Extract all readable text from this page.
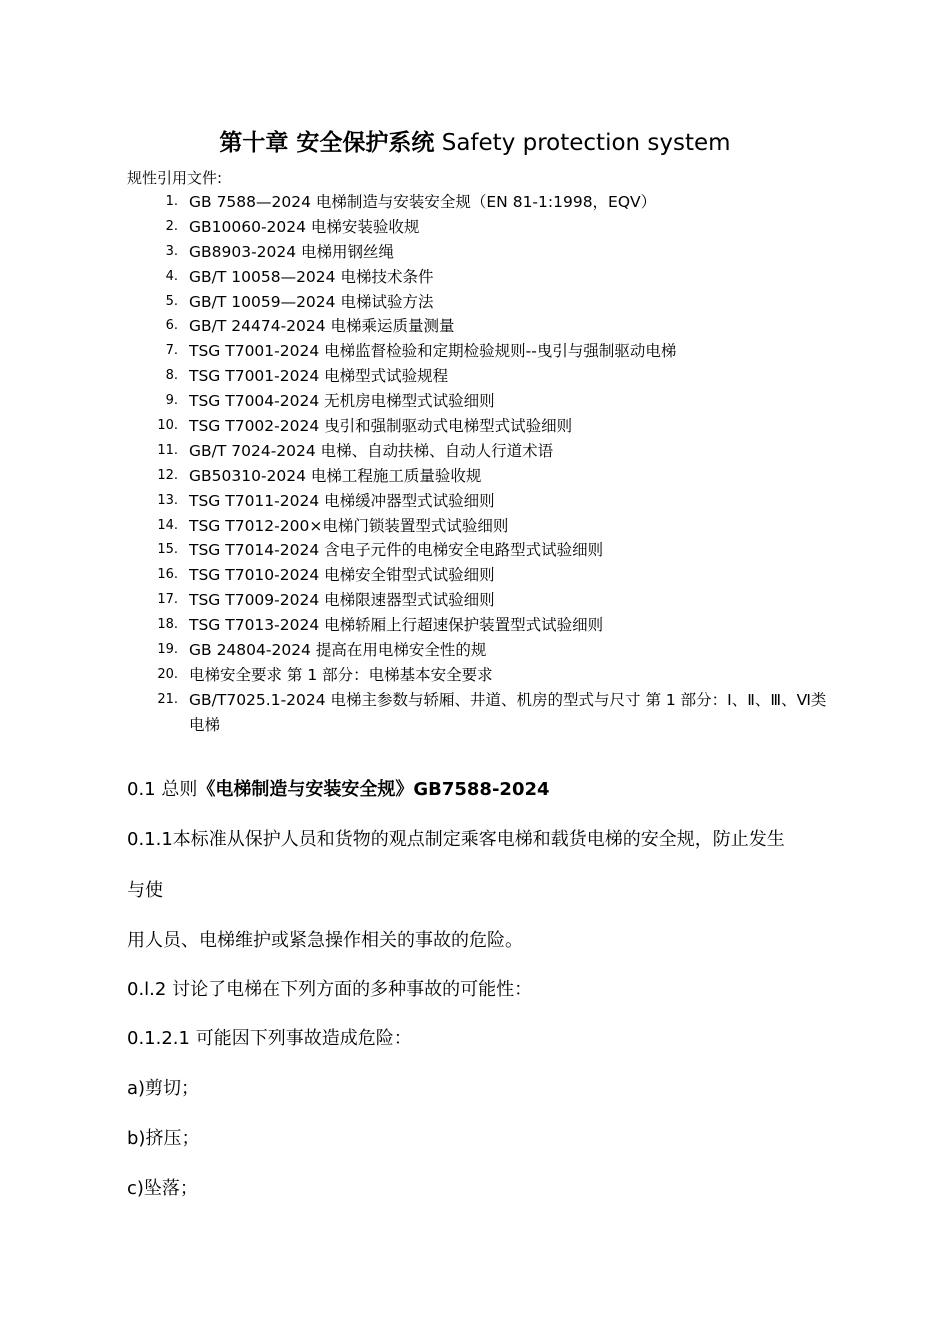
第十章 安全保护系统 Safety protection system
规性引用文件:
1. GB 7588—2024 电梯制造与安装安全规（EN 81-1:1998，EQV）
2. GB10060-2024 电梯安装验收规
3. GB8903-2024 电梯用钢丝绳
4. GB/T 10058—2024 电梯技术条件
5. GB/T 10059—2024 电梯试验方法
6. GB/T 24474-2024 电梯乘运质量测量
7. TSG T7001-2024 电梯监督检验和定期检验规则--曳引与强制驱动电梯
8. TSG T7001-2024 电梯型式试验规程
9. TSG T7004-2024 无机房电梯型式试验细则
10. TSG T7002-2024 曳引和强制驱动式电梯型式试验细则
11. GB/T 7024-2024 电梯、自动扶梯、自动人行道术语
12. GB50310-2024 电梯工程施工质量验收规
13. TSG T7011-2024 电梯缓冲器型式试验细则
14. TSG T7012-200×电梯门锁装置型式试验细则
15. TSG T7014-2024 含电子元件的电梯安全电路型式试验细则
16. TSG T7010-2024 电梯安全钳型式试验细则
17. TSG T7009-2024 电梯限速器型式试验细则
18. TSG T7013-2024 电梯轿厢上行超速保护装置型式试验细则
19. GB 24804-2024 提高在用电梯安全性的规
20. 电梯安全要求 第 1 部分：电梯基本安全要求
21. GB/T7025.1-2024 电梯主参数与轿厢、井道、机房的型式与尺寸 第 1 部分：Ⅰ、Ⅱ、Ⅲ、Ⅵ类电梯
0.1 总则《电梯制造与安装安全规》GB7588-2024
0.1.1本标准从保护人员和货物的观点制定乘客电梯和载货电梯的安全规，防止发生
与使
用人员、电梯维护或紧急操作相关的事故的危险。
0.l.2 讨论了电梯在下列方面的多种事故的可能性：
0.1.2.1 可能因下列事故造成危险：
a)剪切；
b)挤压；
c)坠落；
